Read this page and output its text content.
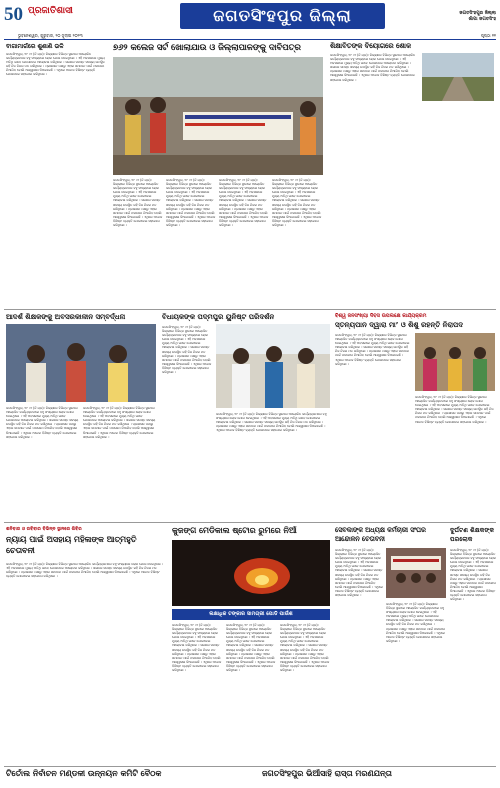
50 ପ୍ରଜାତିଶାସୀ
ଭୁବନେଶ୍ୱର, ଗୁରୁବାର, ୨୦ ଜୁଲାଇ ୨୦୨୩
ଜଗତସିଂହପୁର ଜିଲ୍ଲା	ଜଗତସିଂହପୁର ଜିଲ୍ଲା
ଖାଁପା ଜଗତସିଂହ
ପୃଷ୍ଠା ୧୧
ବାଗାମାର୍ଗରେ ଶୁଣାଣି ଭଳି
ଜଗତସିଂହପୁର, ୧୯ ।୭ (ନି.ପ୍ର): ଜିଲ୍ଲାରେ ବିଭିନ୍ନ ସ୍ଥାନରେ ଆୟୋଜିତ କାର୍ଯ୍ୟକ୍ରମରେ ବହୁ ସଂଖ୍ୟାରେ ଲୋକ ଯୋଗ ଦେଇଥିଲେ । ଏହି ଅବସରରେ ମୁଖ୍ୟ ଅତିଥି ଭାବେ ଯୋଗଦେଇ ଆଲୋଚନା କରିଥିଲେ । ସଭାରେ ସମସ୍ତ ସଦସ୍ୟ ଉପସ୍ଥିତ ରହି ନିଜ ନିଜର ମତ ରଖିଥିଲେ । ପ୍ରଶାସନ ପକ୍ଷରୁ ଏହାର ସମାଧାନ ପାଇଁ ପଦକ୍ଷେପ ନିଆଯିବ ବୋଲି ଆଶ୍ୱାସନା ଦିଆଯାଇଛି । ଏଥିରେ ଅନେକ ବିଶିଷ୍ଟ ବ୍ୟକ୍ତି ଯୋଗଦେଇ ସହଯୋଗ କରିଥିଲେ ।
୭୬୨ କଲେଜ ସର୍ଟ ଖୋଲାଯାଉ ଓ ଜିଲ୍ଲାପାଳଙ୍କୁ ଦାବିପତ୍ର
ଜଗତସିଂହପୁର, ୧୯ ।୭ (ନି.ପ୍ର): ଜିଲ୍ଲାରେ ବିଭିନ୍ନ ସ୍ଥାନରେ ଆୟୋଜିତ କାର୍ଯ୍ୟକ୍ରମରେ ବହୁ ସଂଖ୍ୟାରେ ଲୋକ ଯୋଗ ଦେଇଥିଲେ । ଏହି ଅବସରରେ ମୁଖ୍ୟ ଅତିଥି ଭାବେ ଯୋଗଦେଇ ଆଲୋଚନା କରିଥିଲେ । ସଭାରେ ସମସ୍ତ ସଦସ୍ୟ ଉପସ୍ଥିତ ରହି ନିଜ ନିଜର ମତ ରଖିଥିଲେ । ପ୍ରଶାସନ ପକ୍ଷରୁ ଏହାର ସମାଧାନ ପାଇଁ ପଦକ୍ଷେପ ନିଆଯିବ ବୋଲି ଆଶ୍ୱାସନା ଦିଆଯାଇଛି । ଏଥିରେ ଅନେକ ବିଶିଷ୍ଟ ବ୍ୟକ୍ତି ଯୋଗଦେଇ ସହଯୋଗ କରିଥିଲେ ।
ଜଗତସିଂହପୁର, ୧୯ ।୭ (ନି.ପ୍ର): ଜିଲ୍ଲାରେ ବିଭିନ୍ନ ସ୍ଥାନରେ ଆୟୋଜିତ କାର୍ଯ୍ୟକ୍ରମରେ ବହୁ ସଂଖ୍ୟାରେ ଲୋକ ଯୋଗ ଦେଇଥିଲେ । ଏହି ଅବସରରେ ମୁଖ୍ୟ ଅତିଥି ଭାବେ ଯୋଗଦେଇ ଆଲୋଚନା କରିଥିଲେ । ସଭାରେ ସମସ୍ତ ସଦସ୍ୟ ଉପସ୍ଥିତ ରହି ନିଜ ନିଜର ମତ ରଖିଥିଲେ । ପ୍ରଶାସନ ପକ୍ଷରୁ ଏହାର ସମାଧାନ ପାଇଁ ପଦକ୍ଷେପ ନିଆଯିବ ବୋଲି ଆଶ୍ୱାସନା ଦିଆଯାଇଛି । ଏଥିରେ ଅନେକ ବିଶିଷ୍ଟ ବ୍ୟକ୍ତି ଯୋଗଦେଇ ସହଯୋଗ କରିଥିଲେ ।
ଜଗତସିଂହପୁର, ୧୯ ।୭ (ନି.ପ୍ର): ଜିଲ୍ଲାରେ ବିଭିନ୍ନ ସ୍ଥାନରେ ଆୟୋଜିତ କାର୍ଯ୍ୟକ୍ରମରେ ବହୁ ସଂଖ୍ୟାରେ ଲୋକ ଯୋଗ ଦେଇଥିଲେ । ଏହି ଅବସରରେ ମୁଖ୍ୟ ଅତିଥି ଭାବେ ଯୋଗଦେଇ ଆଲୋଚନା କରିଥିଲେ । ସଭାରେ ସମସ୍ତ ସଦସ୍ୟ ଉପସ୍ଥିତ ରହି ନିଜ ନିଜର ମତ ରଖିଥିଲେ । ପ୍ରଶାସନ ପକ୍ଷରୁ ଏହାର ସମାଧାନ ପାଇଁ ପଦକ୍ଷେପ ନିଆଯିବ ବୋଲି ଆଶ୍ୱାସନା ଦିଆଯାଇଛି । ଏଥିରେ ଅନେକ ବିଶିଷ୍ଟ ବ୍ୟକ୍ତି ଯୋଗଦେଇ ସହଯୋଗ କରିଥିଲେ ।
ଜଗତସିଂହପୁର, ୧୯ ।୭ (ନି.ପ୍ର): ଜିଲ୍ଲାରେ ବିଭିନ୍ନ ସ୍ଥାନରେ ଆୟୋଜିତ କାର୍ଯ୍ୟକ୍ରମରେ ବହୁ ସଂଖ୍ୟାରେ ଲୋକ ଯୋଗ ଦେଇଥିଲେ । ଏହି ଅବସରରେ ମୁଖ୍ୟ ଅତିଥି ଭାବେ ଯୋଗଦେଇ ଆଲୋଚନା କରିଥିଲେ । ସଭାରେ ସମସ୍ତ ସଦସ୍ୟ ଉପସ୍ଥିତ ରହି ନିଜ ନିଜର ମତ ରଖିଥିଲେ । ପ୍ରଶାସନ ପକ୍ଷରୁ ଏହାର ସମାଧାନ ପାଇଁ ପଦକ୍ଷେପ ନିଆଯିବ ବୋଲି ଆଶ୍ୱାସନା ଦିଆଯାଇଛି । ଏଥିରେ ଅନେକ ବିଶିଷ୍ଟ ବ୍ୟକ୍ତି ଯୋଗଦେଇ ସହଯୋଗ କରିଥିଲେ ।
ଶିକ୍ଷାବିତଙ୍କ ବିୟୋଗରେ ଶୋକ
ଜଗତସିଂହପୁର, ୧୯ ।୭ (ନି.ପ୍ର): ଜିଲ୍ଲାରେ ବିଭିନ୍ନ ସ୍ଥାନରେ ଆୟୋଜିତ କାର୍ଯ୍ୟକ୍ରମରେ ବହୁ ସଂଖ୍ୟାରେ ଲୋକ ଯୋଗ ଦେଇଥିଲେ । ଏହି ଅବସରରେ ମୁଖ୍ୟ ଅତିଥି ଭାବେ ଯୋଗଦେଇ ଆଲୋଚନା କରିଥିଲେ । ସଭାରେ ସମସ୍ତ ସଦସ୍ୟ ଉପସ୍ଥିତ ରହି ନିଜ ନିଜର ମତ ରଖିଥିଲେ । ପ୍ରଶାସନ ପକ୍ଷରୁ ଏହାର ସମାଧାନ ପାଇଁ ପଦକ୍ଷେପ ନିଆଯିବ ବୋଲି ଆଶ୍ୱାସନା ଦିଆଯାଇଛି । ଏଥିରେ ଅନେକ ବିଶିଷ୍ଟ ବ୍ୟକ୍ତି ଯୋଗଦେଇ ସହଯୋଗ କରିଥିଲେ ।
ଆଦର୍ଶ ଶିକ୍ଷକଙ୍କୁ ଅବସରକାଳୀନ ସମ୍ବର୍ଦ୍ଧନା
ଜଗତସିଂହପୁର, ୧୯ ।୭ (ନି.ପ୍ର): ଜିଲ୍ଲାରେ ବିଭିନ୍ନ ସ୍ଥାନରେ ଆୟୋଜିତ କାର୍ଯ୍ୟକ୍ରମରେ ବହୁ ସଂଖ୍ୟାରେ ଲୋକ ଯୋଗ ଦେଇଥିଲେ । ଏହି ଅବସରରେ ମୁଖ୍ୟ ଅତିଥି ଭାବେ ଯୋଗଦେଇ ଆଲୋଚନା କରିଥିଲେ । ସଭାରେ ସମସ୍ତ ସଦସ୍ୟ ଉପସ୍ଥିତ ରହି ନିଜ ନିଜର ମତ ରଖିଥିଲେ । ପ୍ରଶାସନ ପକ୍ଷରୁ ଏହାର ସମାଧାନ ପାଇଁ ପଦକ୍ଷେପ ନିଆଯିବ ବୋଲି ଆଶ୍ୱାସନା ଦିଆଯାଇଛି । ଏଥିରେ ଅନେକ ବିଶିଷ୍ଟ ବ୍ୟକ୍ତି ଯୋଗଦେଇ ସହଯୋଗ କରିଥିଲେ ।
ଜଗତସିଂହପୁର, ୧୯ ।୭ (ନି.ପ୍ର): ଜିଲ୍ଲାରେ ବିଭିନ୍ନ ସ୍ଥାନରେ ଆୟୋଜିତ କାର୍ଯ୍ୟକ୍ରମରେ ବହୁ ସଂଖ୍ୟାରେ ଲୋକ ଯୋଗ ଦେଇଥିଲେ । ଏହି ଅବସରରେ ମୁଖ୍ୟ ଅତିଥି ଭାବେ ଯୋଗଦେଇ ଆଲୋଚନା କରିଥିଲେ । ସଭାରେ ସମସ୍ତ ସଦସ୍ୟ ଉପସ୍ଥିତ ରହି ନିଜ ନିଜର ମତ ରଖିଥିଲେ । ପ୍ରଶାସନ ପକ୍ଷରୁ ଏହାର ସମାଧାନ ପାଇଁ ପଦକ୍ଷେପ ନିଆଯିବ ବୋଲି ଆଶ୍ୱାସନା ଦିଆଯାଇଛି । ଏଥିରେ ଅନେକ ବିଶିଷ୍ଟ ବ୍ୟକ୍ତି ଯୋଗଦେଇ ସହଯୋଗ କରିଥିଲେ ।
ବିଧାୟକଙ୍କ ପଦ୍ମପୁର ୟୁନିଷ୍ଟ ପରିଦର୍ଶନ
ଜଗତସିଂହପୁର, ୧୯ ।୭ (ନି.ପ୍ର): ଜିଲ୍ଲାରେ ବିଭିନ୍ନ ସ୍ଥାନରେ ଆୟୋଜିତ କାର୍ଯ୍ୟକ୍ରମରେ ବହୁ ସଂଖ୍ୟାରେ ଲୋକ ଯୋଗ ଦେଇଥିଲେ । ଏହି ଅବସରରେ ମୁଖ୍ୟ ଅତିଥି ଭାବେ ଯୋଗଦେଇ ଆଲୋଚନା କରିଥିଲେ । ସଭାରେ ସମସ୍ତ ସଦସ୍ୟ ଉପସ୍ଥିତ ରହି ନିଜ ନିଜର ମତ ରଖିଥିଲେ । ପ୍ରଶାସନ ପକ୍ଷରୁ ଏହାର ସମାଧାନ ପାଇଁ ପଦକ୍ଷେପ ନିଆଯିବ ବୋଲି ଆଶ୍ୱାସନା ଦିଆଯାଇଛି । ଏଥିରେ ଅନେକ ବିଶିଷ୍ଟ ବ୍ୟକ୍ତି ଯୋଗଦେଇ ସହଯୋଗ କରିଥିଲେ ।
ଜଗତସିଂହପୁର, ୧୯ ।୭ (ନି.ପ୍ର): ଜିଲ୍ଲାରେ ବିଭିନ୍ନ ସ୍ଥାନରେ ଆୟୋଜିତ କାର୍ଯ୍ୟକ୍ରମରେ ବହୁ ସଂଖ୍ୟାରେ ଲୋକ ଯୋଗ ଦେଇଥିଲେ । ଏହି ଅବସରରେ ମୁଖ୍ୟ ଅତିଥି ଭାବେ ଯୋଗଦେଇ ଆଲୋଚନା କରିଥିଲେ । ସଭାରେ ସମସ୍ତ ସଦସ୍ୟ ଉପସ୍ଥିତ ରହି ନିଜ ନିଜର ମତ ରଖିଥିଲେ । ପ୍ରଶାସନ ପକ୍ଷରୁ ଏହାର ସମାଧାନ ପାଇଁ ପଦକ୍ଷେପ ନିଆଯିବ ବୋଲି ଆଶ୍ୱାସନା ଦିଆଯାଇଛି । ଏଥିରେ ଅନେକ ବିଶିଷ୍ଟ ବ୍ୟକ୍ତି ଯୋଗଦେଇ ସହଯୋଗ କରିଥିଲେ ।
ବିଶ୍ୱ ଜନସଂଖ୍ୟା ଦିବସ ଉପଲକ୍ଷେ କାର୍ଯ୍ୟକ୍ରମ
ସ୍ତନ୍ୟପାନ ଦ୍ୱାରା ମା’ ଓ ଶିଶୁ ରହନ୍ତି ନିରାପଦ
ଜଗତସିଂହପୁର, ୧୯ ।୭ (ନି.ପ୍ର): ଜିଲ୍ଲାରେ ବିଭିନ୍ନ ସ୍ଥାନରେ ଆୟୋଜିତ କାର୍ଯ୍ୟକ୍ରମରେ ବହୁ ସଂଖ୍ୟାରେ ଲୋକ ଯୋଗ ଦେଇଥିଲେ । ଏହି ଅବସରରେ ମୁଖ୍ୟ ଅତିଥି ଭାବେ ଯୋଗଦେଇ ଆଲୋଚନା କରିଥିଲେ । ସଭାରେ ସମସ୍ତ ସଦସ୍ୟ ଉପସ୍ଥିତ ରହି ନିଜ ନିଜର ମତ ରଖିଥିଲେ । ପ୍ରଶାସନ ପକ୍ଷରୁ ଏହାର ସମାଧାନ ପାଇଁ ପଦକ୍ଷେପ ନିଆଯିବ ବୋଲି ଆଶ୍ୱାସନା ଦିଆଯାଇଛି । ଏଥିରେ ଅନେକ ବିଶିଷ୍ଟ ବ୍ୟକ୍ତି ଯୋଗଦେଇ ସହଯୋଗ କରିଥିଲେ ।
ଜଗତସିଂହପୁର, ୧୯ ।୭ (ନି.ପ୍ର): ଜିଲ୍ଲାରେ ବିଭିନ୍ନ ସ୍ଥାନରେ ଆୟୋଜିତ କାର୍ଯ୍ୟକ୍ରମରେ ବହୁ ସଂଖ୍ୟାରେ ଲୋକ ଯୋଗ ଦେଇଥିଲେ । ଏହି ଅବସରରେ ମୁଖ୍ୟ ଅତିଥି ଭାବେ ଯୋଗଦେଇ ଆଲୋଚନା କରିଥିଲେ । ସଭାରେ ସମସ୍ତ ସଦସ୍ୟ ଉପସ୍ଥିତ ରହି ନିଜ ନିଜର ମତ ରଖିଥିଲେ । ପ୍ରଶାସନ ପକ୍ଷରୁ ଏହାର ସମାଧାନ ପାଇଁ ପଦକ୍ଷେପ ନିଆଯିବ ବୋଲି ଆଶ୍ୱାସନା ଦିଆଯାଇଛି । ଏଥିରେ ଅନେକ ବିଶିଷ୍ଟ ବ୍ୟକ୍ତି ଯୋଗଦେଇ ସହଯୋଗ କରିଥିଲେ ।
ଶନିବାର ଓ ରବିବାର ବିଭିନ୍ନ ସ୍ଥାନରେ ଶିବିର
ନ୍ୟାୟ ପାଇଁ ଅସହାୟ ମହିଳାଙ୍କ ଆତ୍ମହୁତି ଚେତାବନୀ
ଜଗତସିଂହପୁର, ୧୯ ।୭ (ନି.ପ୍ର): ଜିଲ୍ଲାରେ ବିଭିନ୍ନ ସ୍ଥାନରେ ଆୟୋଜିତ କାର୍ଯ୍ୟକ୍ରମରେ ବହୁ ସଂଖ୍ୟାରେ ଲୋକ ଯୋଗ ଦେଇଥିଲେ । ଏହି ଅବସରରେ ମୁଖ୍ୟ ଅତିଥି ଭାବେ ଯୋଗଦେଇ ଆଲୋଚନା କରିଥିଲେ । ସଭାରେ ସମସ୍ତ ସଦସ୍ୟ ଉପସ୍ଥିତ ରହି ନିଜ ନିଜର ମତ ରଖିଥିଲେ । ପ୍ରଶାସନ ପକ୍ଷରୁ ଏହାର ସମାଧାନ ପାଇଁ ପଦକ୍ଷେପ ନିଆଯିବ ବୋଲି ଆଶ୍ୱାସନା ଦିଆଯାଇଛି । ଏଥିରେ ଅନେକ ବିଶିଷ୍ଟ ବ୍ୟକ୍ତି ଯୋଗଦେଇ ସହଯୋଗ କରିଥିଲେ ।
କୁଜଙ୍ଗ ମେଡିକାଲ ଷ୍ଟୋର ରୁମରେ ନିଆଁ
ଲକ୍ଷାଧିକ ଟଙ୍କାର ସାମଗ୍ରୀ ପୋଡି ପାଉଁଶ
ଜଗତସିଂହପୁର, ୧୯ ।୭ (ନି.ପ୍ର): ଜିଲ୍ଲାରେ ବିଭିନ୍ନ ସ୍ଥାନରେ ଆୟୋଜିତ କାର୍ଯ୍ୟକ୍ରମରେ ବହୁ ସଂଖ୍ୟାରେ ଲୋକ ଯୋଗ ଦେଇଥିଲେ । ଏହି ଅବସରରେ ମୁଖ୍ୟ ଅତିଥି ଭାବେ ଯୋଗଦେଇ ଆଲୋଚନା କରିଥିଲେ । ସଭାରେ ସମସ୍ତ ସଦସ୍ୟ ଉପସ୍ଥିତ ରହି ନିଜ ନିଜର ମତ ରଖିଥିଲେ । ପ୍ରଶାସନ ପକ୍ଷରୁ ଏହାର ସମାଧାନ ପାଇଁ ପଦକ୍ଷେପ ନିଆଯିବ ବୋଲି ଆଶ୍ୱାସନା ଦିଆଯାଇଛି । ଏଥିରେ ଅନେକ ବିଶିଷ୍ଟ ବ୍ୟକ୍ତି ଯୋଗଦେଇ ସହଯୋଗ କରିଥିଲେ ।
ଜଗତସିଂହପୁର, ୧୯ ।୭ (ନି.ପ୍ର): ଜିଲ୍ଲାରେ ବିଭିନ୍ନ ସ୍ଥାନରେ ଆୟୋଜିତ କାର୍ଯ୍ୟକ୍ରମରେ ବହୁ ସଂଖ୍ୟାରେ ଲୋକ ଯୋଗ ଦେଇଥିଲେ । ଏହି ଅବସରରେ ମୁଖ୍ୟ ଅତିଥି ଭାବେ ଯୋଗଦେଇ ଆଲୋଚନା କରିଥିଲେ । ସଭାରେ ସମସ୍ତ ସଦସ୍ୟ ଉପସ୍ଥିତ ରହି ନିଜ ନିଜର ମତ ରଖିଥିଲେ । ପ୍ରଶାସନ ପକ୍ଷରୁ ଏହାର ସମାଧାନ ପାଇଁ ପଦକ୍ଷେପ ନିଆଯିବ ବୋଲି ଆଶ୍ୱାସନା ଦିଆଯାଇଛି । ଏଥିରେ ଅନେକ ବିଶିଷ୍ଟ ବ୍ୟକ୍ତି ଯୋଗଦେଇ ସହଯୋଗ କରିଥିଲେ ।
ଜଗତସିଂହପୁର, ୧୯ ।୭ (ନି.ପ୍ର): ଜିଲ୍ଲାରେ ବିଭିନ୍ନ ସ୍ଥାନରେ ଆୟୋଜିତ କାର୍ଯ୍ୟକ୍ରମରେ ବହୁ ସଂଖ୍ୟାରେ ଲୋକ ଯୋଗ ଦେଇଥିଲେ । ଏହି ଅବସରରେ ମୁଖ୍ୟ ଅତିଥି ଭାବେ ଯୋଗଦେଇ ଆଲୋଚନା କରିଥିଲେ । ସଭାରେ ସମସ୍ତ ସଦସ୍ୟ ଉପସ୍ଥିତ ରହି ନିଜ ନିଜର ମତ ରଖିଥିଲେ । ପ୍ରଶାସନ ପକ୍ଷରୁ ଏହାର ସମାଧାନ ପାଇଁ ପଦକ୍ଷେପ ନିଆଯିବ ବୋଲି ଆଶ୍ୱାସନା ଦିଆଯାଇଛି । ଏଥିରେ ଅନେକ ବିଶିଷ୍ଟ ବ୍ୟକ୍ତି ଯୋଗଦେଇ ସହଯୋଗ କରିଥିଲେ ।
ସେବକାଙ୍କ ଅଧ୍ୟକ୍ଷ କର୍ମଚାରୀ ସଂଘର ଆନ୍ଦୋଳନ ଚେତାବନୀ
ଜଗତସିଂହପୁର, ୧୯ ।୭ (ନି.ପ୍ର): ଜିଲ୍ଲାରେ ବିଭିନ୍ନ ସ୍ଥାନରେ ଆୟୋଜିତ କାର୍ଯ୍ୟକ୍ରମରେ ବହୁ ସଂଖ୍ୟାରେ ଲୋକ ଯୋଗ ଦେଇଥିଲେ । ଏହି ଅବସରରେ ମୁଖ୍ୟ ଅତିଥି ଭାବେ ଯୋଗଦେଇ ଆଲୋଚନା କରିଥିଲେ । ସଭାରେ ସମସ୍ତ ସଦସ୍ୟ ଉପସ୍ଥିତ ରହି ନିଜ ନିଜର ମତ ରଖିଥିଲେ । ପ୍ରଶାସନ ପକ୍ଷରୁ ଏହାର ସମାଧାନ ପାଇଁ ପଦକ୍ଷେପ ନିଆଯିବ ବୋଲି ଆଶ୍ୱାସନା ଦିଆଯାଇଛି । ଏଥିରେ ଅନେକ ବିଶିଷ୍ଟ ବ୍ୟକ୍ତି ଯୋଗଦେଇ ସହଯୋଗ କରିଥିଲେ ।
ଜଗତସିଂହପୁର, ୧୯ ।୭ (ନି.ପ୍ର): ଜିଲ୍ଲାରେ ବିଭିନ୍ନ ସ୍ଥାନରେ ଆୟୋଜିତ କାର୍ଯ୍ୟକ୍ରମରେ ବହୁ ସଂଖ୍ୟାରେ ଲୋକ ଯୋଗ ଦେଇଥିଲେ । ଏହି ଅବସରରେ ମୁଖ୍ୟ ଅତିଥି ଭାବେ ଯୋଗଦେଇ ଆଲୋଚନା କରିଥିଲେ । ସଭାରେ ସମସ୍ତ ସଦସ୍ୟ ଉପସ୍ଥିତ ରହି ନିଜ ନିଜର ମତ ରଖିଥିଲେ । ପ୍ରଶାସନ ପକ୍ଷରୁ ଏହାର ସମାଧାନ ପାଇଁ ପଦକ୍ଷେପ ନିଆଯିବ ବୋଲି ଆଶ୍ୱାସନା ଦିଆଯାଇଛି । ଏଥିରେ ଅନେକ ବିଶିଷ୍ଟ ବ୍ୟକ୍ତି ଯୋଗଦେଇ ସହଯୋଗ କରିଥିଲେ ।
ଦୁର୍ଘଟଣ ଶିକ୍ଷକଙ୍କ ପରଲୋକ
ଜଗତସିଂହପୁର, ୧୯ ।୭ (ନି.ପ୍ର): ଜିଲ୍ଲାରେ ବିଭିନ୍ନ ସ୍ଥାନରେ ଆୟୋଜିତ କାର୍ଯ୍ୟକ୍ରମରେ ବହୁ ସଂଖ୍ୟାରେ ଲୋକ ଯୋଗ ଦେଇଥିଲେ । ଏହି ଅବସରରେ ମୁଖ୍ୟ ଅତିଥି ଭାବେ ଯୋଗଦେଇ ଆଲୋଚନା କରିଥିଲେ । ସଭାରେ ସମସ୍ତ ସଦସ୍ୟ ଉପସ୍ଥିତ ରହି ନିଜ ନିଜର ମତ ରଖିଥିଲେ । ପ୍ରଶାସନ ପକ୍ଷରୁ ଏହାର ସମାଧାନ ପାଇଁ ପଦକ୍ଷେପ ନିଆଯିବ ବୋଲି ଆଶ୍ୱାସନା ଦିଆଯାଇଛି । ଏଥିରେ ଅନେକ ବିଶିଷ୍ଟ ବ୍ୟକ୍ତି ଯୋଗଦେଇ ସହଯୋଗ କରିଥିଲେ ।
ଟିର୍ତୋଲ ନିର୍ବାଚନ ମଣ୍ଡଳୀ ଉନ୍ନୟନ କମିଟି ବୈଠକ	ଜଗତସିଂହପୁର ଭିଆଁସାହି ରାସ୍ତା ମରଣଯନ୍ତା
